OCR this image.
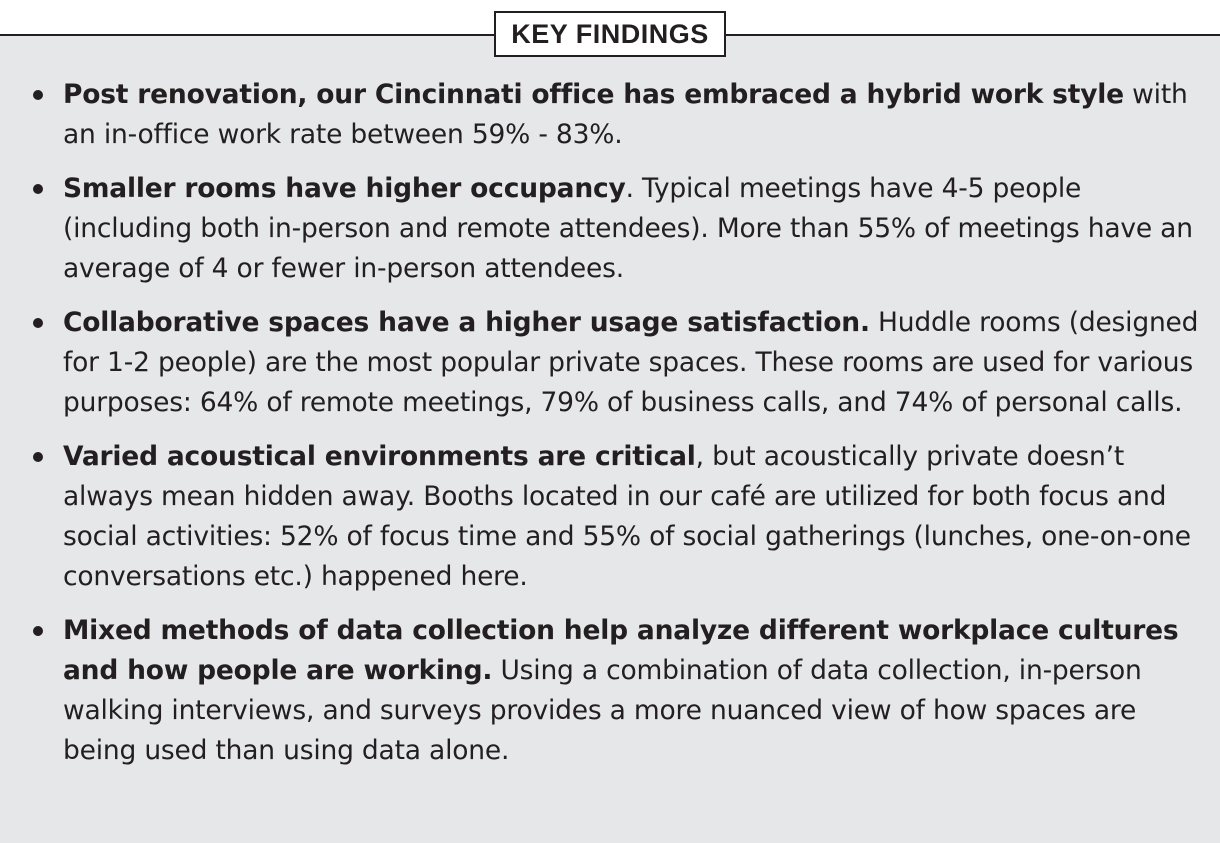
KEY FINDINGS
Post renovation, our Cincinnati office has embraced a hybrid work style with an in-office work rate between 59% - 83%.
Smaller rooms have higher occupancy. Typical meetings have 4-5 people (including both in-person and remote attendees). More than 55% of meetings have an average of 4 or fewer in-person attendees.
Collaborative spaces have a higher usage satisfaction. Huddle rooms (designed for 1-2 people) are the most popular private spaces. These rooms are used for various purposes: 64% of remote meetings, 79% of business calls, and 74% of personal calls.
Varied acoustical environments are critical, but acoustically private doesn’t always mean hidden away. Booths located in our café are utilized for both focus and social activities: 52% of focus time and 55% of social gatherings (lunches, one-on-one conversations etc.) happened here.
Mixed methods of data collection help analyze different workplace cultures and how people are working. Using a combination of data collection, in-person walking interviews, and surveys provides a more nuanced view of how spaces are being used than using data alone.
